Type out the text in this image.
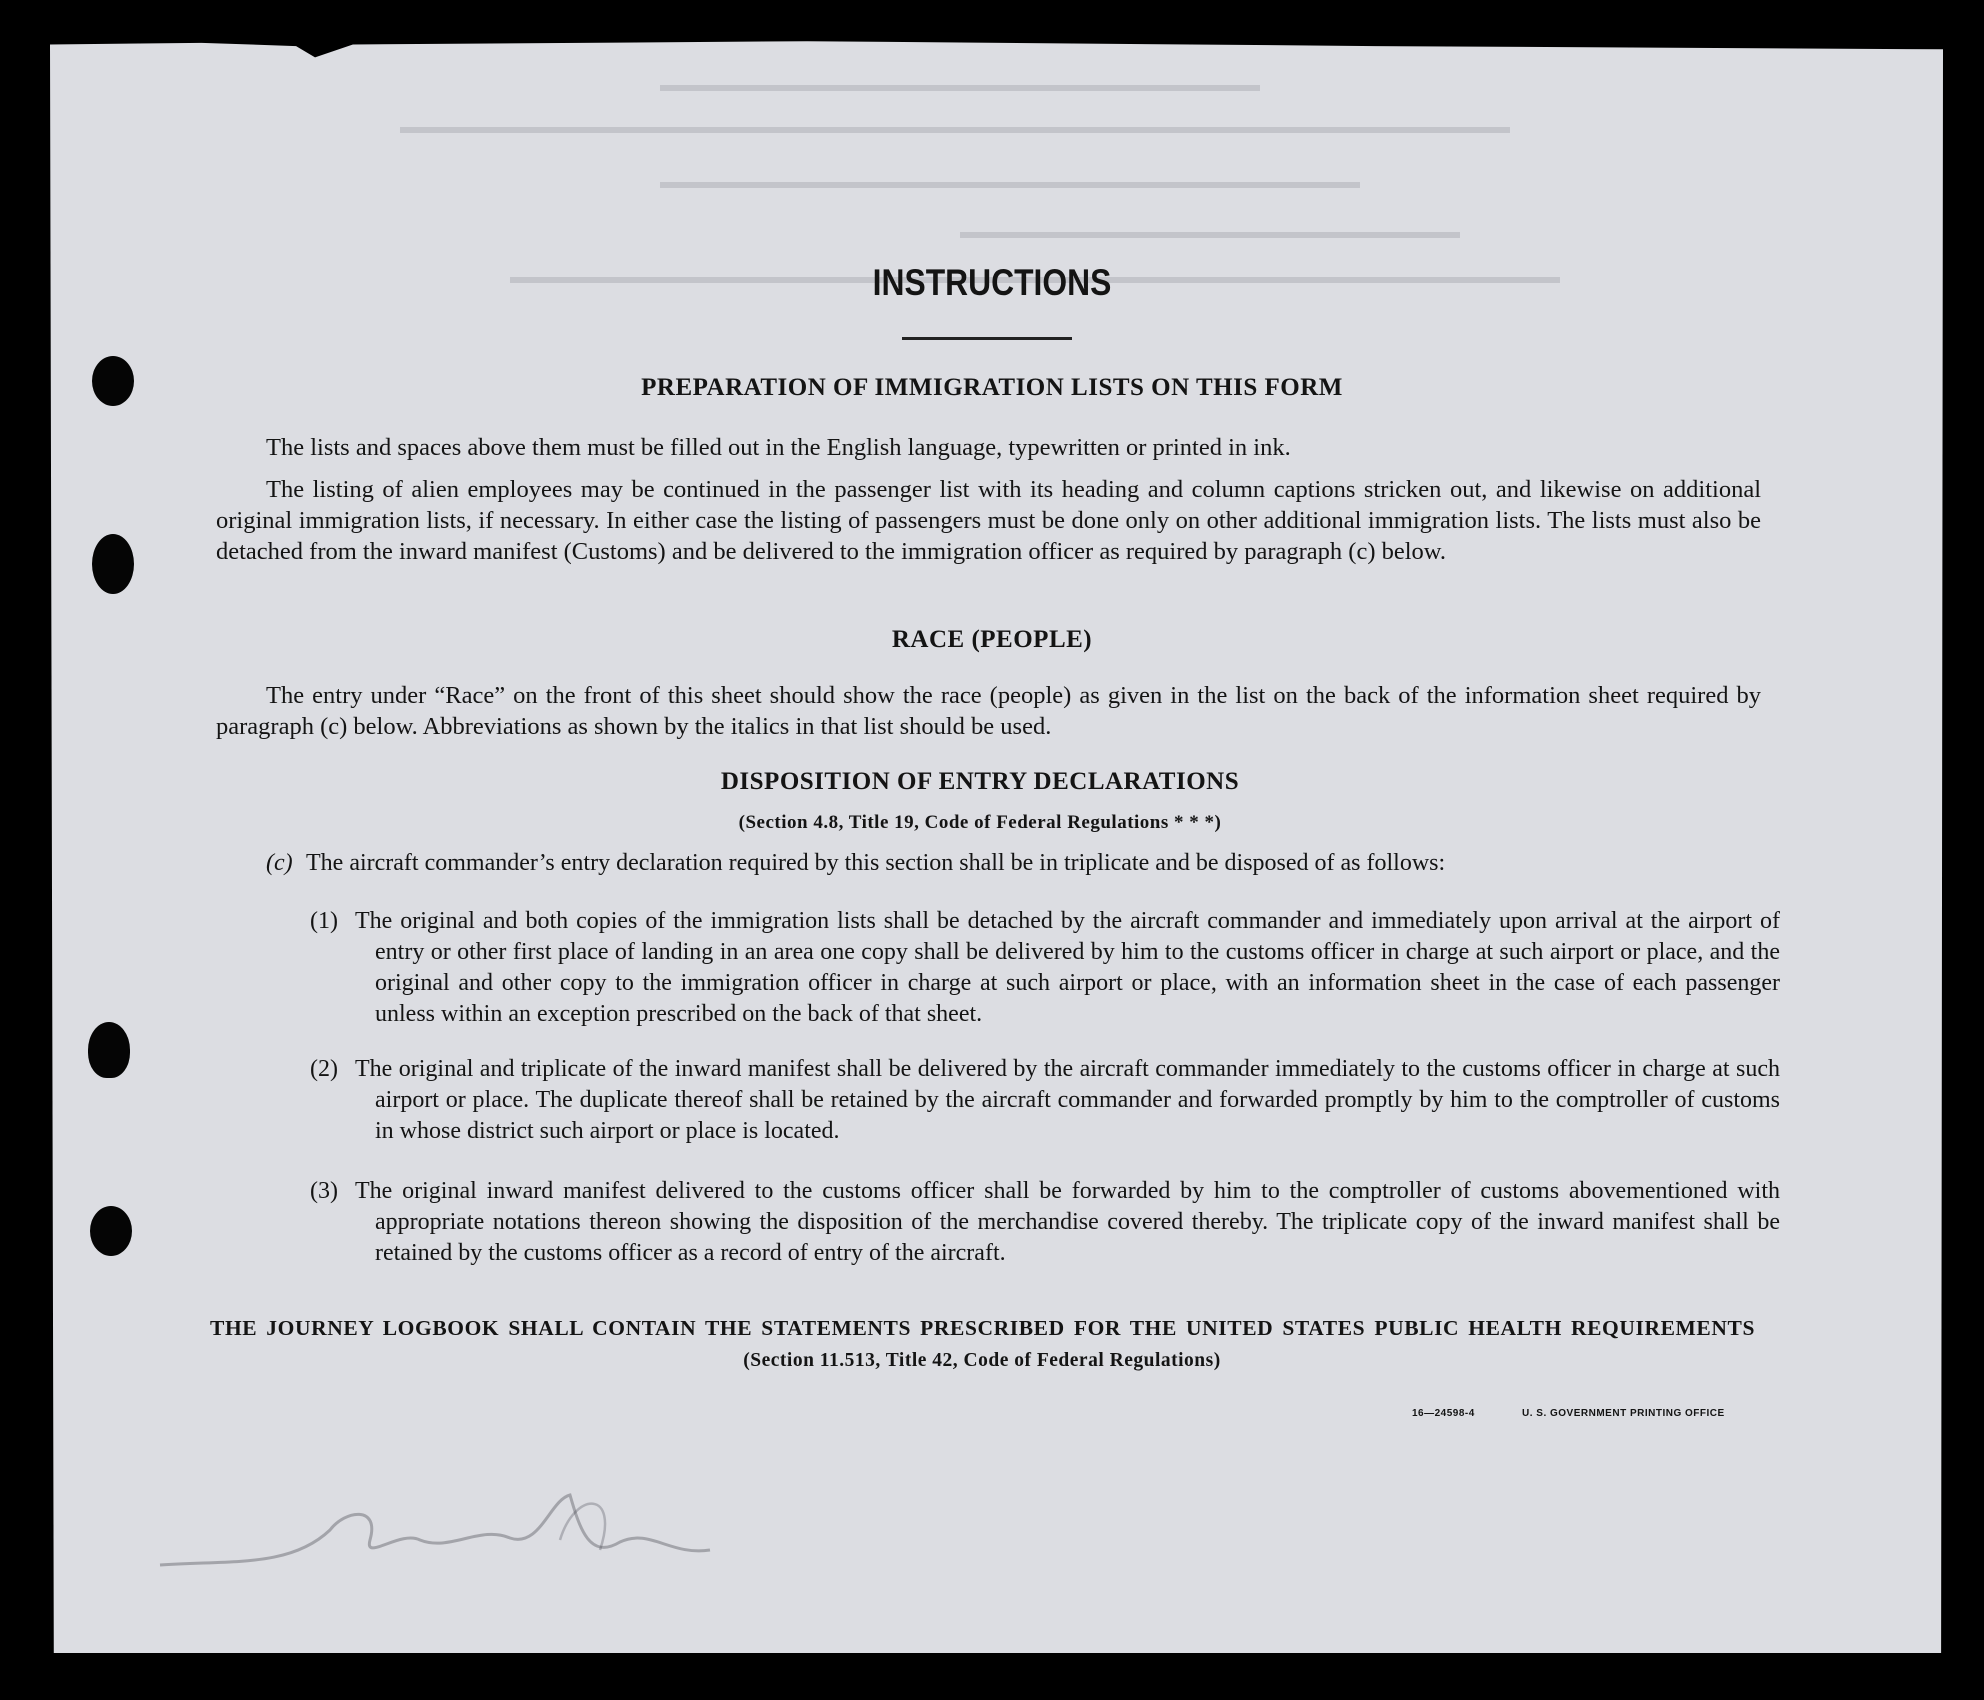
INSTRUCTIONS

PREPARATION OF IMMIGRATION LISTS ON THIS FORM

The lists and spaces above them must be filled out in the English language, typewritten or printed in ink.

The listing of alien employees may be continued in the passenger list with its heading and column captions stricken out, and likewise on additional original immigration lists, if necessary. In either case the listing of passengers must be done only on other additional immigration lists. The lists must also be detached from the inward manifest (Customs) and be delivered to the immigration officer as required by paragraph (c) below.

RACE (PEOPLE)

The entry under “Race” on the front of this sheet should show the race (people) as given in the list on the back of the information sheet required by paragraph (c) below. Abbreviations as shown by the italics in that list should be used.

DISPOSITION OF ENTRY DECLARATIONS

(Section 4.8, Title 19, Code of Federal Regulations * * *)

(c) The aircraft commander’s entry declaration required by this section shall be in triplicate and be disposed of as follows:
(1) The original and both copies of the immigration lists shall be detached by the aircraft commander and immediately upon arrival at the airport of entry or other first place of landing in an area one copy shall be delivered by him to the customs officer in charge at such airport or place, and the original and other copy to the immigration officer in charge at such airport or place, with an information sheet in the case of each passenger unless within an exception prescribed on the back of that sheet.

(2) The original and triplicate of the inward manifest shall be delivered by the aircraft commander immediately to the customs officer in charge at such airport or place. The duplicate thereof shall be retained by the aircraft commander and forwarded promptly by him to the comptroller of customs in whose district such airport or place is located.

(3) The original inward manifest delivered to the customs officer shall be forwarded by him to the comptroller of customs abovementioned with appropriate notations thereon showing the disposition of the merchandise covered thereby. The triplicate copy of the inward manifest shall be retained by the customs officer as a record of entry of the aircraft.

THE JOURNEY LOGBOOK SHALL CONTAIN THE STATEMENTS PRESCRIBED FOR THE UNITED STATES PUBLIC HEALTH REQUIREMENTS

(Section 11.513, Title 42, Code of Federal Regulations)

16—24598-4	U. S. GOVERNMENT PRINTING OFFICE
